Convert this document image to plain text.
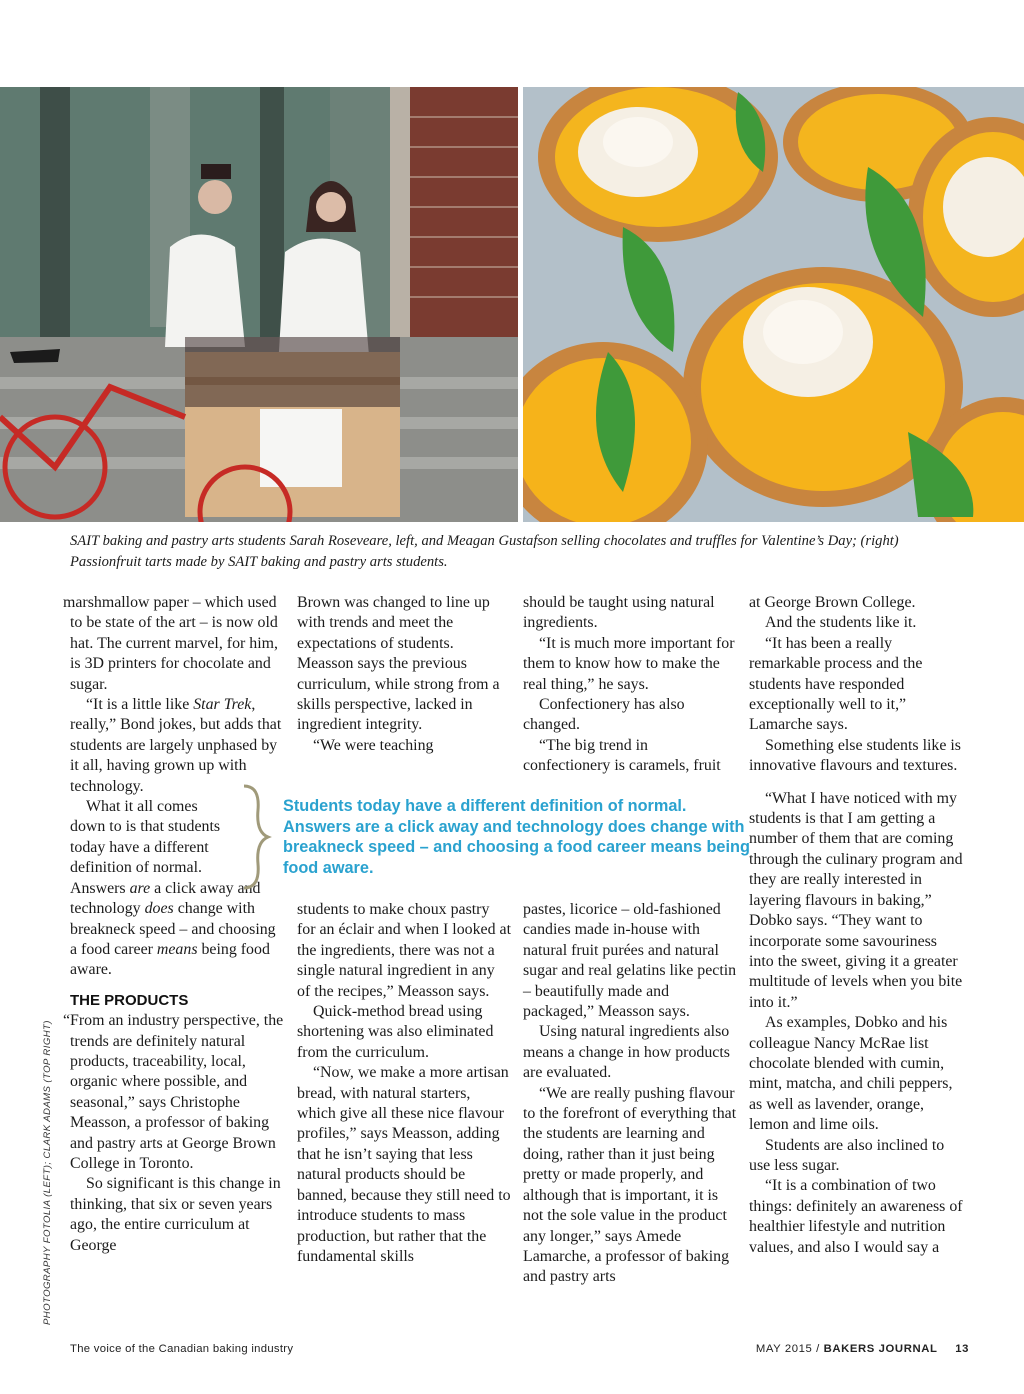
SAIT baking and pastry arts students Sarah Roseveare, left, and Meagan Gustafson selling chocolates and truffles for Valentine’s Day; (right)
Passionfruit tarts made by SAIT baking and pastry arts students.

marshmallow paper – which used to be state of the art – is now old hat. The current marvel, for him, is 3D printers for chocolate and sugar.

“It is a little like Star Trek, really,” Bond jokes, but adds that students are largely unphased by it all, having grown up with technology.

What it all comes down to is that students today have a different definition of normal.

Answers are a click away and technology does change with breakneck speed – and choosing a food career means being food aware.

THE PRODUCTS

“From an industry perspective, the trends are definitely natural products, traceability, local, organic where possible, and seasonal,” says Christophe Measson, a professor of baking and pastry arts at George Brown College in Toronto.

So significant is this change in thinking, that six or seven years ago, the entire curriculum at George

Brown was changed to line up with trends and meet the expectations of students. Measson says the previous curriculum, while strong from a skills perspective, lacked in ingredient integrity.

“We were teaching

students to make choux pastry for an éclair and when I looked at the ingredients, there was not a single natural ingredient in any of the recipes,” Measson says.

Quick-method bread using shortening was also eliminated from the curriculum.

“Now, we make a more artisan bread, with natural starters, which give all these nice flavour profiles,” says Measson, adding that he isn’t saying that less natural products should be banned, because they still need to introduce students to mass production, but rather that the fundamental skills

should be taught using natural ingredients.

“It is much more important for them to know how to make the real thing,” he says.

Confectionery has also changed.

“The big trend in confectionery is caramels, fruit

pastes, licorice – old-fashioned candies made in-house with natural fruit purées and natural sugar and real gelatins like pectin – beautifully made and packaged,” Measson says.

Using natural ingredients also means a change in how products are evaluated.

“We are really pushing flavour to the forefront of everything that the students are learning and doing, rather than it just being pretty or made properly, and although that is important, it is not the sole value in the product any longer,” says Amede Lamarche, a professor of baking and pastry arts

at George Brown College.

And the students like it.

“It has been a really remarkable process and the students have responded exceptionally well to it,” Lamarche says.

Something else students like is innovative flavours and textures.

“What I have noticed with my students is that I am getting a number of them that are coming through the culinary program and they are really interested in layering flavours in baking,” Dobko says. “They want to incorporate some savouriness into the sweet, giving it a greater multitude of levels when you bite into it.”

As examples, Dobko and his colleague Nancy McRae list chocolate blended with cumin, mint, matcha, and chili peppers, as well as lavender, orange, lemon and lime oils.

Students are also inclined to use less sugar.

“It is a combination of two things: definitely an awareness of healthier lifestyle and nutrition values, and also I would say a

Students today have a different definition of normal. Answers are a click away and technology does change with breakneck speed – and choosing a food career means being food aware.
PHOTOGRAPHY FOTOLIA (LEFT); CLARK ADAMS (TOP RIGHT)
The voice of the Canadian baking industry	MAY 2015 / BAKERS JOURNAL 13
